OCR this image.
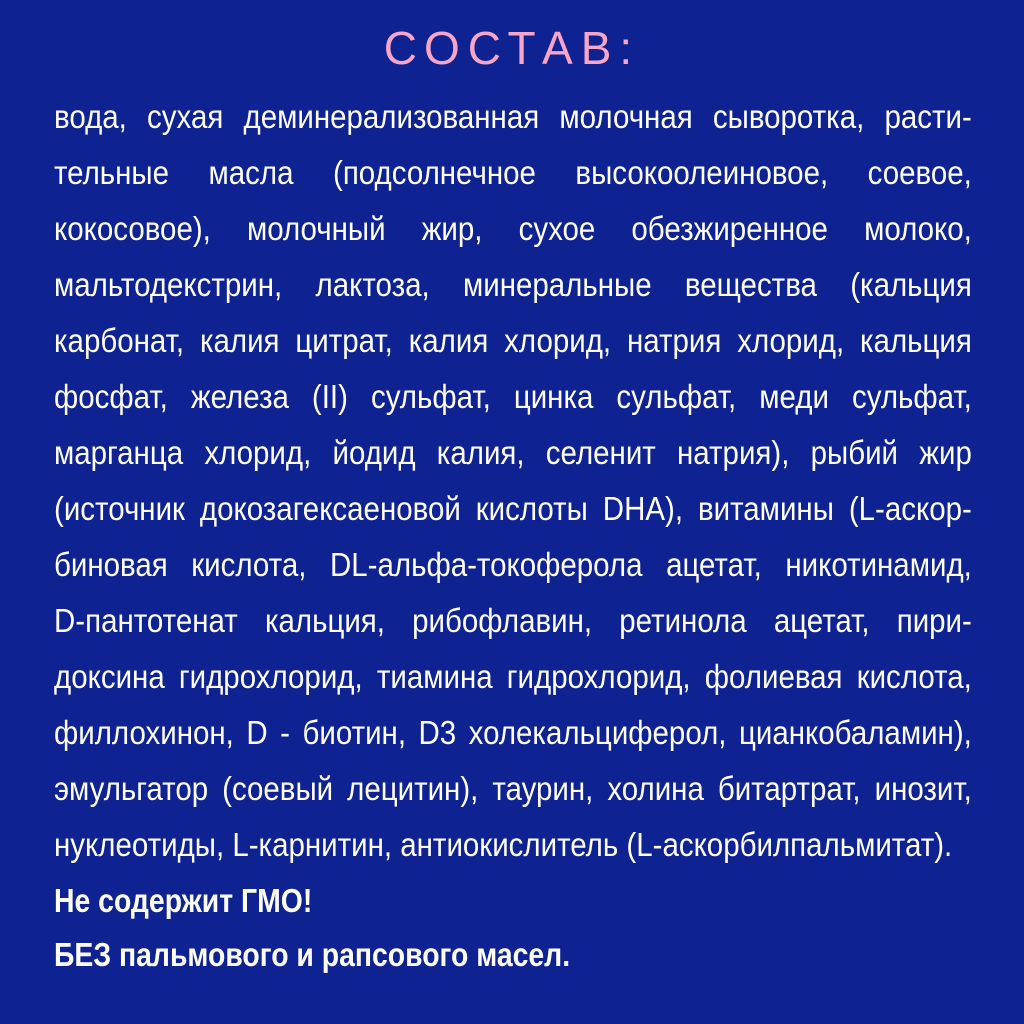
СОСТАВ:
вода, сухая деминерализованная молочная сыворотка, расти-
тельные масла (подсолнечное высокоолеиновое, соевое,
кокосовое), молочный жир, сухое обезжиренное молоко,
мальтодекстрин, лактоза, минеральные вещества (кальция
карбонат, калия цитрат, калия хлорид, натрия хлорид, кальция
фосфат, железа (II) сульфат, цинка сульфат, меди сульфат,
марганца хлорид, йодид калия, селенит натрия), рыбий жир
(источник докозагексаеновой кислоты DHA), витамины (L-аскор-
биновая кислота, DL-альфа-токоферола ацетат, никотинамид,
D-пантотенат кальция, рибофлавин, ретинола ацетат, пири-
доксина гидрохлорид, тиамина гидрохлорид, фолиевая кислота,
филлохинон, D - биотин, D3 холекальциферол, цианкобаламин),
эмульгатор (соевый лецитин), таурин, холина битартрат, инозит,
нуклеотиды, L-карнитин, антиокислитель (L-аскорбилпальмитат).
Не содержит ГМО!
БЕЗ пальмового и рапсового масел.
